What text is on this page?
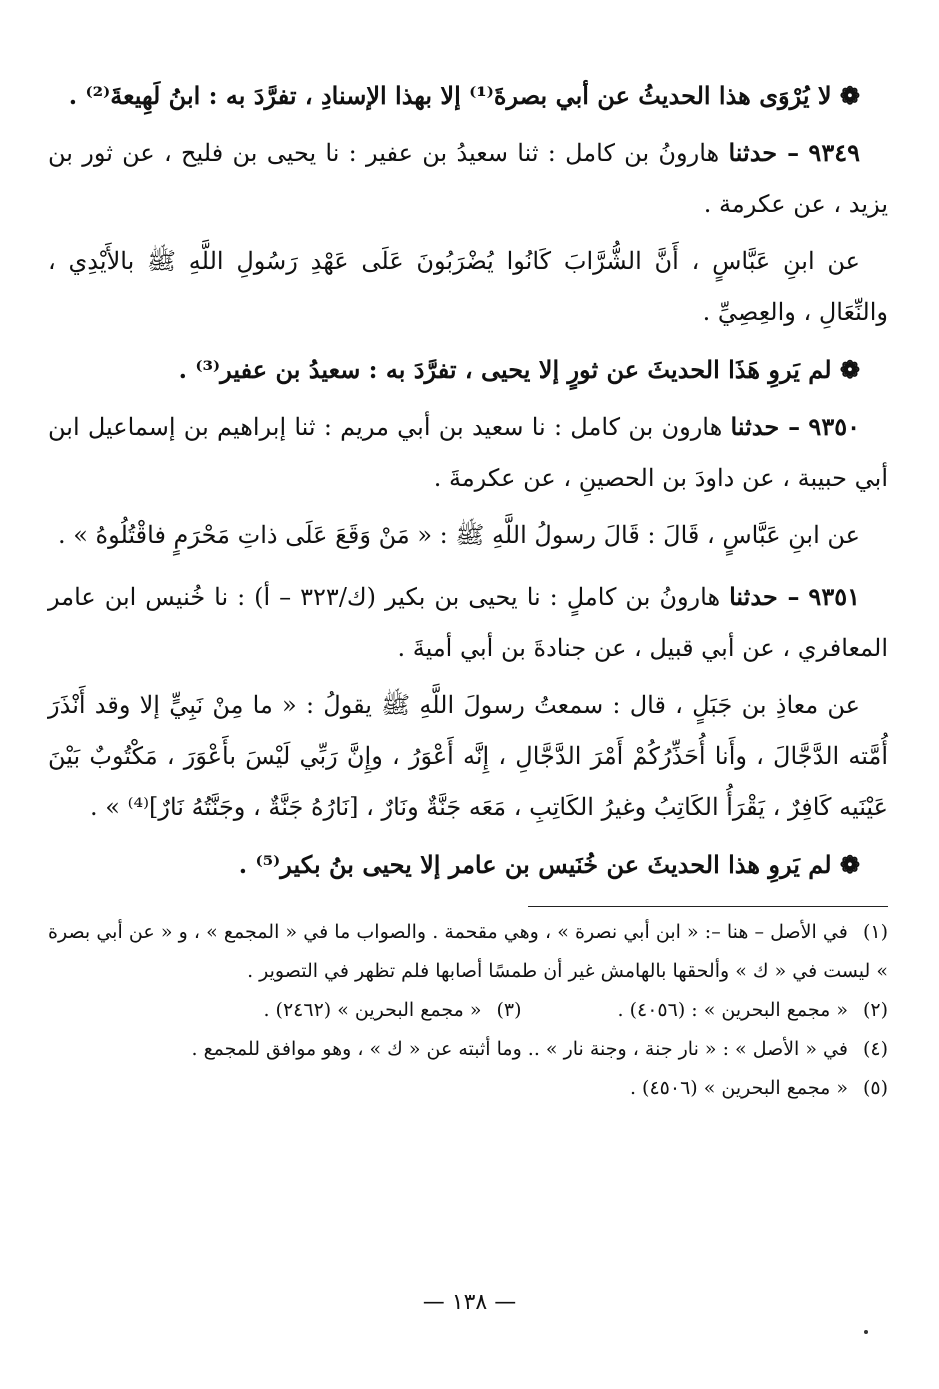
❁ لا يُرْوَى هذا الحديثُ عن أبي بصرةَ⁽¹⁾ إلا بهذا الإسنادِ ، تفرَّدَ به : ابنُ لَهِيعةَ⁽²⁾ .

٩٣٤٩ – حدثنا هارونُ بن كامل : ثنا سعيدُ بن عفير : نا يحيى بن فليح ، عن ثور بن يزيد ، عن عكرمة .

عن ابنِ عَبَّاسٍ ، أَنَّ الشُّرَّابَ كَانُوا يُضْرَبُونَ عَلَى عَهْدِ رَسُولِ اللَّهِ ﷺ بالأَيْدِي ، والنِّعَالِ ، والعِصِيِّ .

❁ لم يَروِ هَذَا الحديثَ عن ثورٍ إلا يحيى ، تفرَّدَ به : سعيدُ بن عفير⁽³⁾ .

٩٣٥٠ – حدثنا هارون بن كامل : نا سعيد بن أبي مريم : ثنا إبراهيم بن إسماعيل ابن أبي حبيبة ، عن داودَ بن الحصينِ ، عن عكرمةَ .

عن ابنِ عَبَّاسٍ ، قَالَ : قَالَ رسولُ اللَّهِ ﷺ : « مَنْ وَقَعَ عَلَى ذاتِ مَحْرَمٍ فاقْتُلُوهُ » .

٩٣٥١ – حدثنا هارونُ بن كاملٍ : نا يحيى بن بكير (ك/٣٢٣ – أ) : نا خُنيس ابن عامر المعافري ، عن أبي قبيل ، عن جنادةَ بن أبي أميةَ .

عن معاذِ بن جَبَلٍ ، قال : سمعتُ رسولَ اللَّهِ ﷺ يقولُ : « ما مِنْ نَبِيٍّ إلا وقد أَنْذَرَ أُمَّته الدَّجَّالَ ، وأَنا أُحَذِّرُكُمْ أَمْرَ الدَّجَّالِ ، إِنَّه أَعْوَرُ ، وإِنَّ رَبِّي لَيْسَ بأَعْوَرَ ، مَكْتُوبٌ بَيْنَ عَيْنَيه كَافِرٌ ، يَقْرَأُ الكَاتِبُ وغيرُ الكَاتِبِ ، مَعَه جَنَّةٌ ونَارٌ ، [نَارُهُ جَنَّةٌ ، وجَنَّتُهُ نَارٌ]⁽⁴⁾ » .

❁ لم يَروِ هذا الحديثَ عن خُنَيس بن عامر إلا يحيى بنُ بكير⁽⁵⁾ .

(١) في الأصل – هنا –: « ابن أبي نصرة » ، وهي مقحمة . والصواب ما في « المجمع » ، و « عن أبي بصرة » ليست في « ك » وألحقها بالهامش غير أن طمسًا أصابها فلم تظهر في التصوير .
(٢) « مجمع البحرين » : (٤٠٥٦) .
(٣) « مجمع البحرين » (٢٤٦٢) .
(٤) في « الأصل » : « نار جنة ، وجنة نار » .. وما أثبته عن « ك » ، وهو موافق للمجمع .
(٥) « مجمع البحرين » (٤٥٠٦) .
— ١٣٨ —
